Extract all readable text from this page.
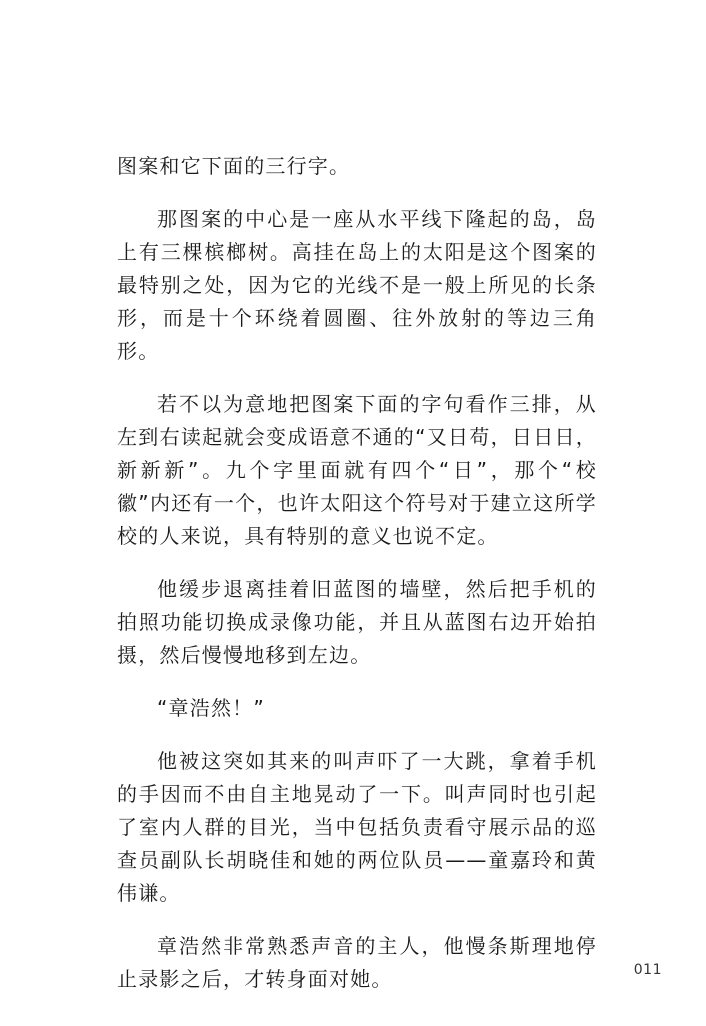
图案和它下面的三行字。

那图案的中心是一座从水平线下隆起的岛，岛上有三棵槟榔树。高挂在岛上的太阳是这个图案的最特别之处，因为它的光线不是一般上所见的长条形，而是十个环绕着圆圈、往外放射的等边三角形。

若不以为意地把图案下面的字句看作三排，从左到右读起就会变成语意不通的“又日苟，日日日，新新新”。九个字里面就有四个“日”，那个“校徽”内还有一个，也许太阳这个符号对于建立这所学校的人来说，具有特别的意义也说不定。

他缓步退离挂着旧蓝图的墙壁，然后把手机的拍照功能切换成录像功能，并且从蓝图右边开始拍摄，然后慢慢地移到左边。

“章浩然！”

他被这突如其来的叫声吓了一大跳，拿着手机的手因而不由自主地晃动了一下。叫声同时也引起了室内人群的目光，当中包括负责看守展示品的巡查员副队长胡晓佳和她的两位队员——童嘉玲和黄伟谦。

章浩然非常熟悉声音的主人，他慢条斯理地停止录影之后，才转身面对她。	011
